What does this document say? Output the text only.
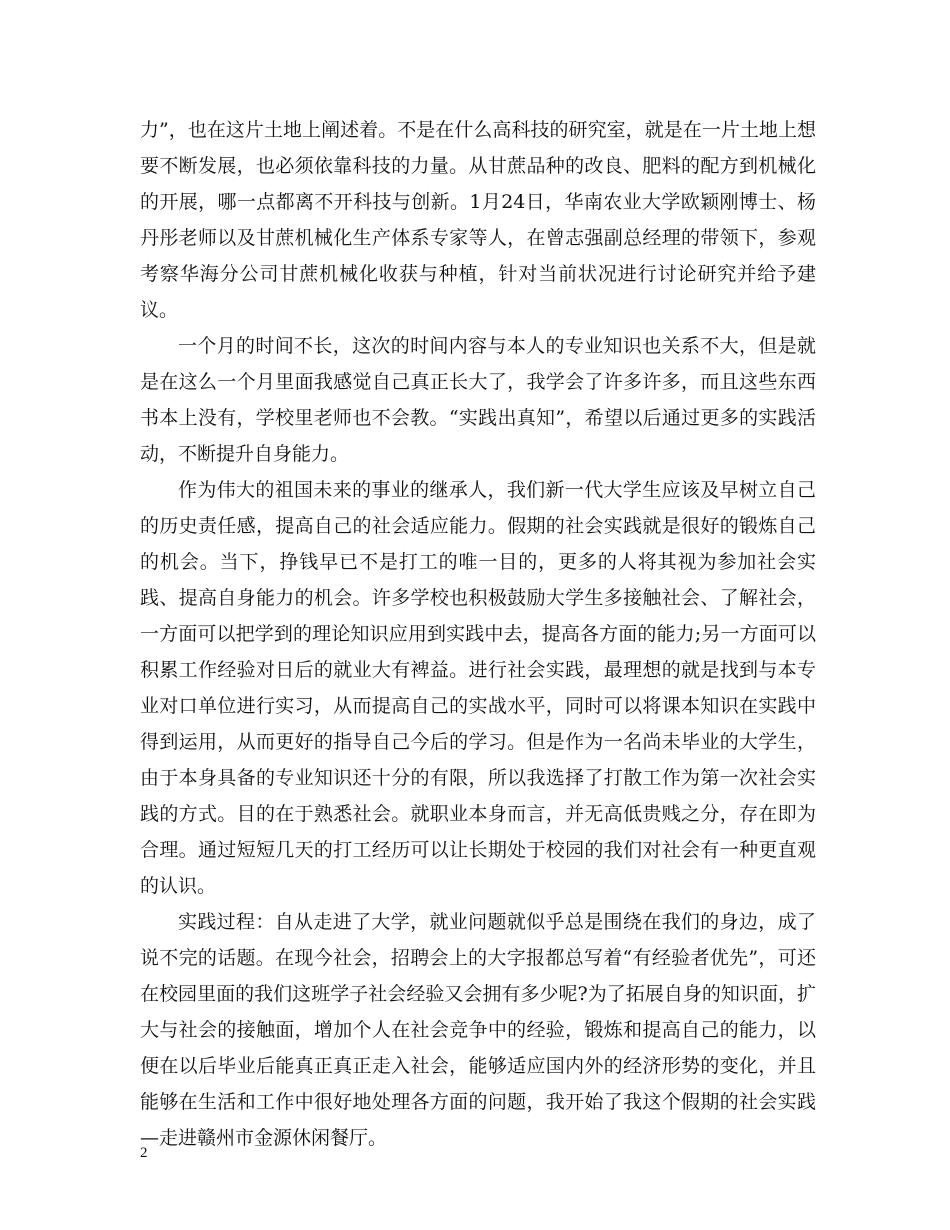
力”，也在这片土地上阐述着。不是在什么高科技的研究室，就是在一片土地上想要不断发展，也必须依靠科技的力量。从甘蔗品种的改良、肥料的配方到机械化的开展，哪一点都离不开科技与创新。1月24日，华南农业大学欧颖刚博士、杨丹彤老师以及甘蔗机械化生产体系专家等人，在曾志强副总经理的带领下，参观考察华海分公司甘蔗机械化收获与种植，针对当前状况进行讨论研究并给予建议。

一个月的时间不长，这次的时间内容与本人的专业知识也关系不大，但是就是在这么一个月里面我感觉自己真正长大了，我学会了许多许多，而且这些东西书本上没有，学校里老师也不会教。“实践出真知”，希望以后通过更多的实践活动，不断提升自身能力。

作为伟大的祖国未来的事业的继承人，我们新一代大学生应该及早树立自己的历史责任感，提高自己的社会适应能力。假期的社会实践就是很好的锻炼自己的机会。当下，挣钱早已不是打工的唯一目的，更多的人将其视为参加社会实践、提高自身能力的机会。许多学校也积极鼓励大学生多接触社会、了解社会，一方面可以把学到的理论知识应用到实践中去，提高各方面的能力;另一方面可以积累工作经验对日后的就业大有裨益。进行社会实践，最理想的就是找到与本专业对口单位进行实习，从而提高自己的实战水平，同时可以将课本知识在实践中得到运用，从而更好的指导自己今后的学习。但是作为一名尚未毕业的大学生，由于本身具备的专业知识还十分的有限，所以我选择了打散工作为第一次社会实践的方式。目的在于熟悉社会。就职业本身而言，并无高低贵贱之分，存在即为合理。通过短短几天的打工经历可以让长期处于校园的我们对社会有一种更直观的认识。

实践过程：自从走进了大学，就业问题就似乎总是围绕在我们的身边，成了说不完的话题。在现今社会，招聘会上的大字报都总写着“有经验者优先”，可还在校园里面的我们这班学子社会经验又会拥有多少呢?为了拓展自身的知识面，扩大与社会的接触面，增加个人在社会竞争中的经验，锻炼和提高自己的能力，以便在以后毕业后能真正真正走入社会，能够适应国内外的经济形势的变化，并且能够在生活和工作中很好地处理各方面的问题，我开始了我这个假期的社会实践—走进赣州市金源休闲餐厅。

2
